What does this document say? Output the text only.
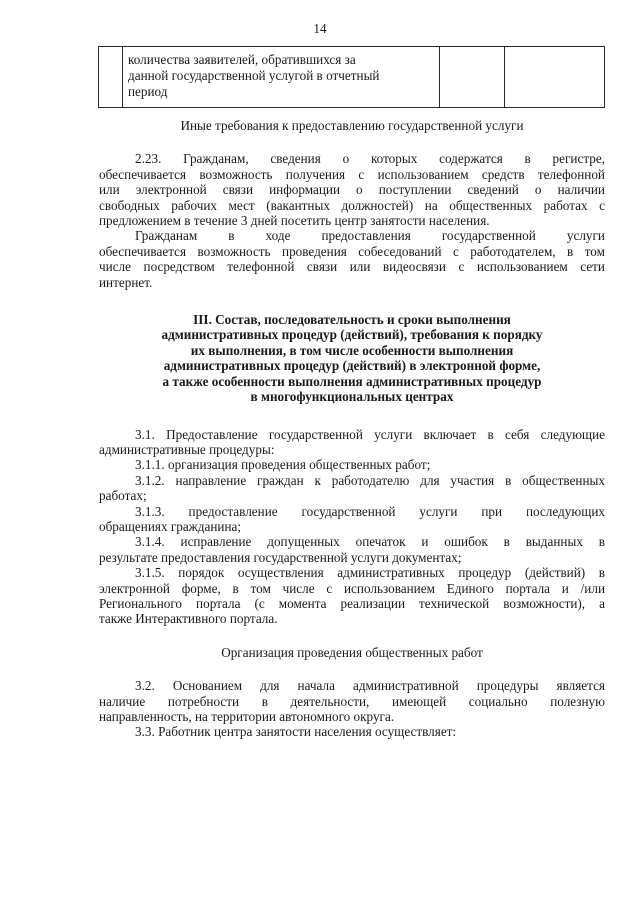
14

количества заявителей, обратившихся за
данной государственной услугой в отчетный
период

Иные требования к предоставлению государственной услуги

2.23. Гражданам, сведения о которых содержатся в регистре,
обеспечивается возможность получения с использованием средств телефонной
или электронной связи информации о поступлении сведений о наличии
свободных рабочих мест (вакантных должностей) на общественных работах с
предложением в течение 3 дней посетить центр занятости населения.
Гражданам в ходе предоставления государственной услуги
обеспечивается возможность проведения собеседований с работодателем, в том
числе посредством телефонной связи или видеосвязи с использованием сети
интернет.
III. Состав, последовательность и сроки выполнения
административных процедур (действий), требования к порядку
их выполнения, в том числе особенности выполнения
административных процедур (действий) в электронной форме,
а также особенности выполнения административных процедур
в многофункциональных центрах
3.1. Предоставление государственной услуги включает в себя следующие
административные процедуры:
3.1.1. организация проведения общественных работ;
3.1.2. направление граждан к работодателю для участия в общественных
работах;
3.1.3. предоставление государственной услуги при последующих
обращениях гражданина;
3.1.4. исправление допущенных опечаток и ошибок в выданных в
результате предоставления государственной услуги документах;
3.1.5. порядок осуществления административных процедур (действий) в
электронной форме, в том числе с использованием Единого портала и /или
Регионального портала (с момента реализации технической возможности), а
также Интерактивного портала.

Организация проведения общественных работ

3.2. Основанием для начала административной процедуры является
наличие потребности в деятельности, имеющей социально полезную
направленность, на территории автономного округа.
3.3. Работник центра занятости населения осуществляет:
